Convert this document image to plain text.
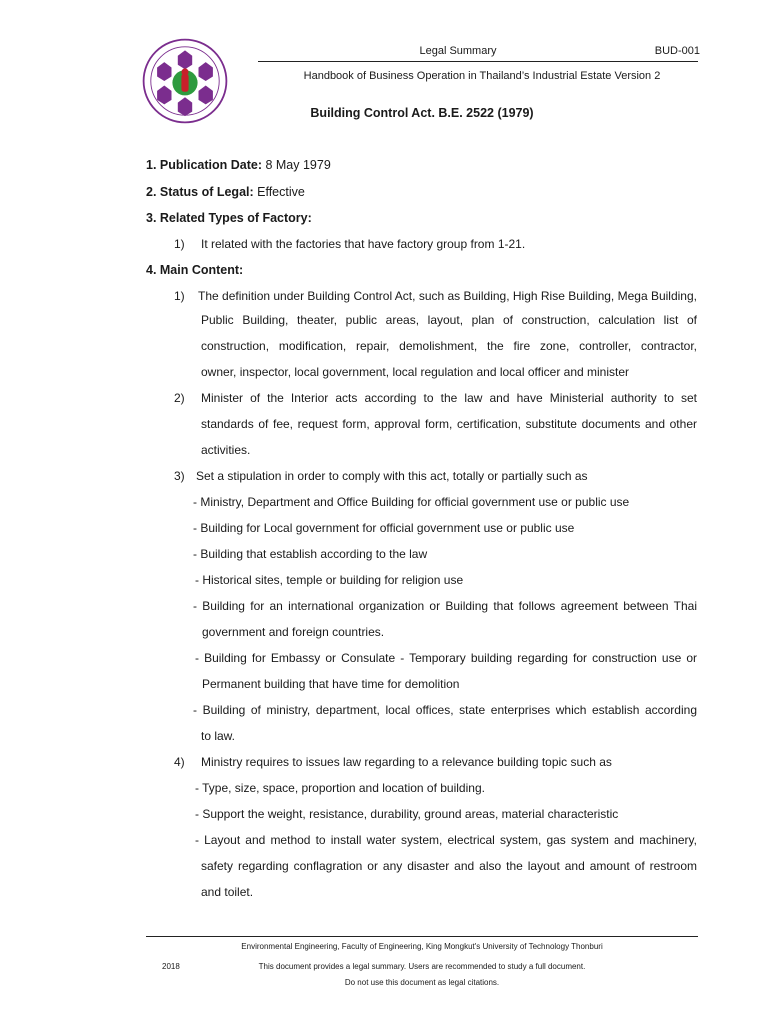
Legal Summary	BUD-001
Handbook of Business Operation in Thailand’s Industrial Estate Version 2
Building Control Act. B.E. 2522 (1979)
1. Publication Date: 8 May 1979
2. Status of Legal: Effective
3. Related Types of Factory:
1) It related with the factories that have factory group from 1-21.
4. Main Content:
1) The definition under Building Control Act, such as Building, High Rise Building, Mega Building,
Public Building, theater, public areas, layout, plan of construction, calculation list of
construction, modification, repair, demolishment, the fire zone, controller, contractor,
owner, inspector, local government, local regulation and local officer and minister
2) Minister of the Interior acts according to the law and have Ministerial authority to set
standards of fee, request form, approval form, certification, substitute documents and other
activities.
3) Set a stipulation in order to comply with this act, totally or partially such as
- Ministry, Department and Office Building for official government use or public use
- Building for Local government for official government use or public use
- Building that establish according to the law
- Historical sites, temple or building for religion use
- Building for an international organization or Building that follows agreement between Thai
government and foreign countries.
- Building for Embassy or Consulate - Temporary building regarding for construction use or
Permanent building that have time for demolition
- Building of ministry, department, local offices, state enterprises which establish according
to law.
4) Ministry requires to issues law regarding to a relevance building topic such as
- Type, size, space, proportion and location of building.
- Support the weight, resistance, durability, ground areas, material characteristic
- Layout and method to install water system, electrical system, gas system and machinery,
safety regarding conflagration or any disaster and also the layout and amount of restroom
and toilet.
Environmental Engineering, Faculty of Engineering, King Mongkut's University of Technology Thonburi
2018	This document provides a legal summary. Users are recommended to study a full document.
Do not use this document as legal citations.
